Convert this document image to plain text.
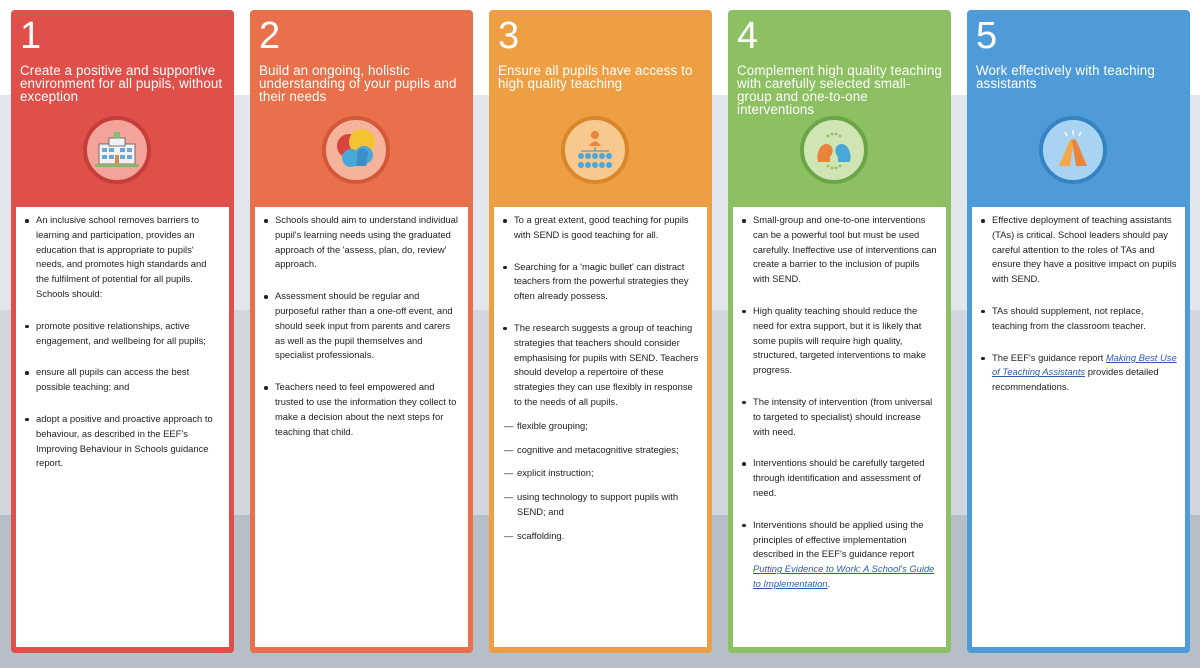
1
Create a positive and supportive environment for all pupils, without exception
An inclusive school removes barriers to learning and participation, provides an education that is appropriate to pupils' needs, and promotes high standards and the fulfilment of potential for all pupils. Schools should:
promote positive relationships, active engagement, and wellbeing for all pupils;
ensure all pupils can access the best possible teaching; and
adopt a positive and proactive approach to behaviour, as described in the EEF's Improving Behaviour in Schools guidance report.
2
Build an ongoing, holistic understanding of your pupils and their needs
Schools should aim to understand individual pupil's learning needs using the graduated approach of the 'assess, plan, do, review' approach.
Assessment should be regular and purposeful rather than a one-off event, and should seek input from parents and carers as well as the pupil themselves and specialist professionals.
Teachers need to feel empowered and trusted to use the information they collect to make a decision about the next steps for teaching that child.
3
Ensure all pupils have access to high quality teaching
To a great extent, good teaching for pupils with SEND is good teaching for all.
Searching for a 'magic bullet' can distract teachers from the powerful strategies they often already possess.
The research suggests a group of teaching strategies that teachers should consider emphasising for pupils with SEND. Teachers should develop a repertoire of these strategies they can use flexibly in response to the needs of all pupils.
— flexible grouping;
— cognitive and metacognitive strategies;
— explicit instruction;
— using technology to support pupils with SEND; and
— scaffolding.
4
Complement high quality teaching with carefully selected small-group and one-to-one interventions
Small-group and one-to-one interventions can be a powerful tool but must be used carefully. Ineffective use of interventions can create a barrier to the inclusion of pupils with SEND.
High quality teaching should reduce the need for extra support, but it is likely that some pupils will require high quality, structured, targeted interventions to make progress.
The intensity of intervention (from universal to targeted to specialist) should increase with need.
Interventions should be carefully targeted through identification and assessment of need.
Interventions should be applied using the principles of effective implementation described in the EEF's guidance report Putting Evidence to Work: A School's Guide to Implementation.
5
Work effectively with teaching assistants
Effective deployment of teaching assistants (TAs) is critical. School leaders should pay careful attention to the roles of TAs and ensure they have a positive impact on pupils with SEND.
TAs should supplement, not replace, teaching from the classroom teacher.
The EEF's guidance report Making Best Use of Teaching Assistants provides detailed recommendations.
